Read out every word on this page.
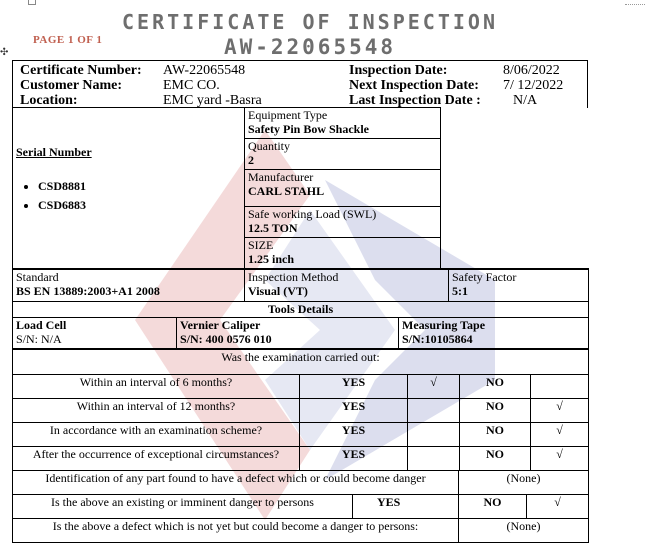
✣
PAGE 1 OF 1
CERTIFICATE OF INSPECTION
AW-22065548
Certificate Number: AW-22065548	Inspection Date:	8/06/2022
Customer Name:	EMC CO.	Next Inspection Date: 7/ 12/2022
Location:	EMC yard -Basra	Last Inspection Date : N/A
Serial Number
• CSD8881
• CSD6883

Equipment Type
Safety Pin Bow Shackle

Quantity
2

Manufacturer
CARL STAHL

Safe working Load (SWL)
12.5 TON

SIZE
1.25 inch
Standard
BS EN 13889:2003+A1 2008

Inspection Method
Visual (VT)

Safety Factor
5:1
Tools Details

Load Cell
S/N: N/A

Vernier Caliper
S/N: 400 0576 010

Measuring Tape
S/N:10105864
Was the examination carried out:				
Within an interval of 6 months?	YES	√	NO	
Within an interval of 12 months?	YES		NO	√
In accordance with an examination scheme?	YES		NO	√
After the occurrence of exceptional circumstances?	YES		NO	√
Identification of any part found to have a defect which or could become danger		(None)	
Is the above an existing or imminent danger to persons	YES	NO	√
Is the above a defect which is not yet but could become a danger to persons:		(None)	
